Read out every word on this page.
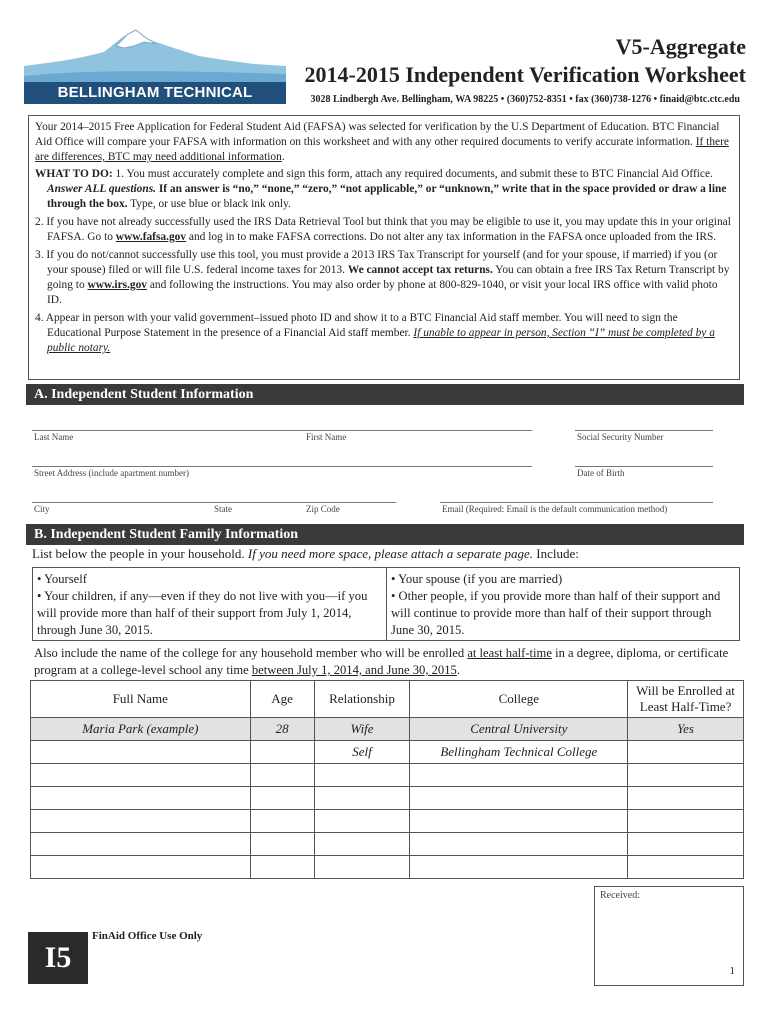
BELLINGHAM TECHNICAL COLLEGE
V5-Aggregate
2014-2015 Independent Verification Worksheet
3028 Lindbergh Ave. Bellingham, WA 98225 • (360)752-8351 • fax (360)738-1276 • finaid@btc.ctc.edu

Your 2014–2015 Free Application for Federal Student Aid (FAFSA) was selected for verification by the U.S Department of Education. BTC Financial Aid Office will compare your FAFSA with information on this worksheet and with any other required documents to verify accurate information. If there are differences, BTC may need additional information.

WHAT TO DO: 1. You must accurately complete and sign this form, attach any required documents, and submit these to BTC Financial Aid Office. Answer ALL questions. If an answer is “no,” “none,” “zero,” “not applicable,” or “unknown,” write that in the space provided or draw a line through the box. Type, or use blue or black ink only.

2. If you have not already successfully used the IRS Data Retrieval Tool but think that you may be eligible to use it, you may update this in your original FAFSA. Go to www.fafsa.gov and log in to make FAFSA corrections. Do not alter any tax information in the FAFSA once uploaded from the IRS.

3. If you do not/cannot successfully use this tool, you must provide a 2013 IRS Tax Transcript for yourself (and for your spouse, if married) if you (or your spouse) filed or will file U.S. federal income taxes for 2013. We cannot accept tax returns. You can obtain a free IRS Tax Return Transcript by going to www.irs.gov and following the instructions. You may also order by phone at 800-829-1040, or visit your local IRS office with valid photo ID.

4. Appear in person with your valid government–issued photo ID and show it to a BTC Financial Aid staff member. You will need to sign the Educational Purpose Statement in the presence of a Financial Aid staff member. If unable to appear in person, Section “I” must be completed by a public notary.

A. Independent Student Information
Last Name	First Name	Social Security Number
Street Address (include apartment number)	Date of Birth
City	State	Zip Code	Email (Required: Email is the default communication method)
B. Independent Student Family Information
List below the people in your household. If you need more space, please attach a separate page. Include:
• Yourself
• Your children, if any—even if they do not live with you—if you will provide more than half of their support from July 1, 2014, through June 30, 2015.
• Your spouse (if you are married)
• Other people, if you provide more than half of their support and will continue to provide more than half of their support through June 30, 2015.
Also include the name of the college for any household member who will be enrolled at least half-time in a degree, diploma, or certificate program at a college-level school any time between July 1, 2014, and June 30, 2015.
Full Name	Age	Relationship	College	Will be Enrolled at Least Half-Time?
Maria Park (example)	28	Wife	Central University	Yes
		Self	Bellingham Technical College	

I5
FinAid Office Use Only
Received:
1
